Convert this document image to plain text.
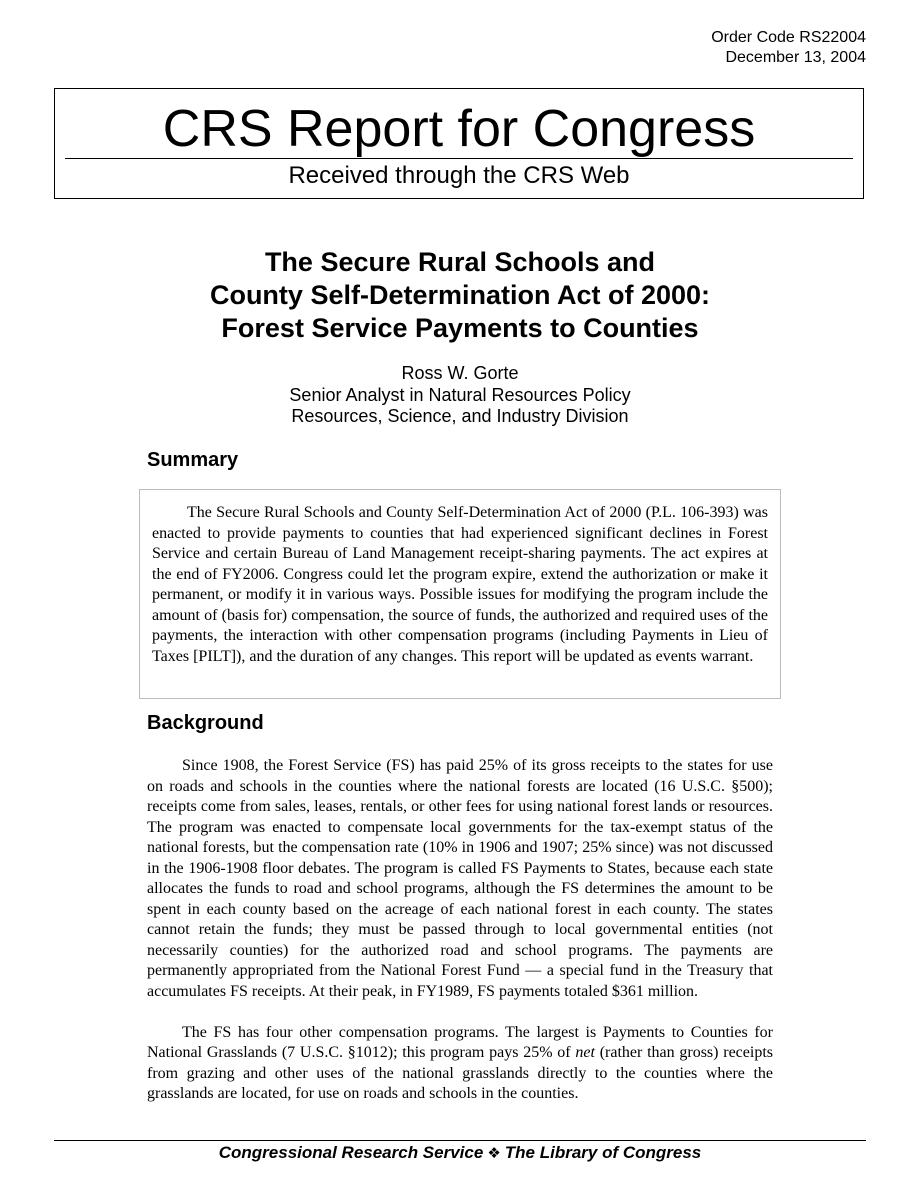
Order Code RS22004
December 13, 2004
CRS Report for Congress
Received through the CRS Web
The Secure Rural Schools and
County Self-Determination Act of 2000:
Forest Service Payments to Counties
Ross W. Gorte
Senior Analyst in Natural Resources Policy
Resources, Science, and Industry Division
Summary

The Secure Rural Schools and County Self-Determination Act of 2000 (P.L. 106-393) was enacted to provide payments to counties that had experienced significant declines in Forest Service and certain Bureau of Land Management receipt-sharing payments. The act expires at the end of FY2006. Congress could let the program expire, extend the authorization or make it permanent, or modify it in various ways. Possible issues for modifying the program include the amount of (basis for) compensation, the source of funds, the authorized and required uses of the payments, the interaction with other compensation programs (including Payments in Lieu of Taxes [PILT]), and the duration of any changes. This report will be updated as events warrant.

Background

Since 1908, the Forest Service (FS) has paid 25% of its gross receipts to the states for use on roads and schools in the counties where the national forests are located (16 U.S.C. §500); receipts come from sales, leases, rentals, or other fees for using national forest lands or resources. The program was enacted to compensate local governments for the tax-exempt status of the national forests, but the compensation rate (10% in 1906 and 1907; 25% since) was not discussed in the 1906-1908 floor debates. The program is called FS Payments to States, because each state allocates the funds to road and school programs, although the FS determines the amount to be spent in each county based on the acreage of each national forest in each county. The states cannot retain the funds; they must be passed through to local governmental entities (not necessarily counties) for the authorized road and school programs. The payments are permanently appropriated from the National Forest Fund — a special fund in the Treasury that accumulates FS receipts. At their peak, in FY1989, FS payments totaled $361 million.

The FS has four other compensation programs. The largest is Payments to Counties for National Grasslands (7 U.S.C. §1012); this program pays 25% of net (rather than gross) receipts from grazing and other uses of the national grasslands directly to the counties where the grasslands are located, for use on roads and schools in the counties.

Congressional Research Service ❖ The Library of Congress
